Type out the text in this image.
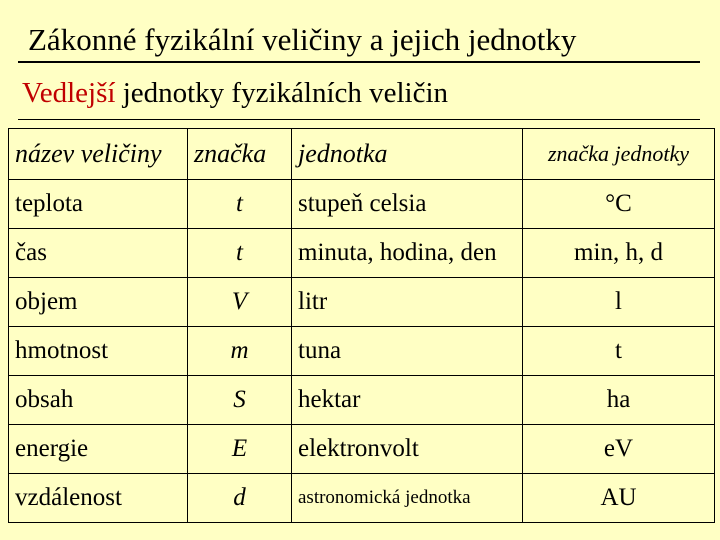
Zákonné fyzikální veličiny a jejich jednotky
Vedlejší jednotky fyzikálních veličin
název veličiny	značka	jednotka	značka jednotky
teplota	t	stupeň celsia	°C
čas	t	minuta, hodina, den	min, h, d
objem	V	litr	l
hmotnost	m	tuna	t
obsah	S	hektar	ha
energie	E	elektronvolt	eV
vzdálenost	d	astronomická jednotka	AU
